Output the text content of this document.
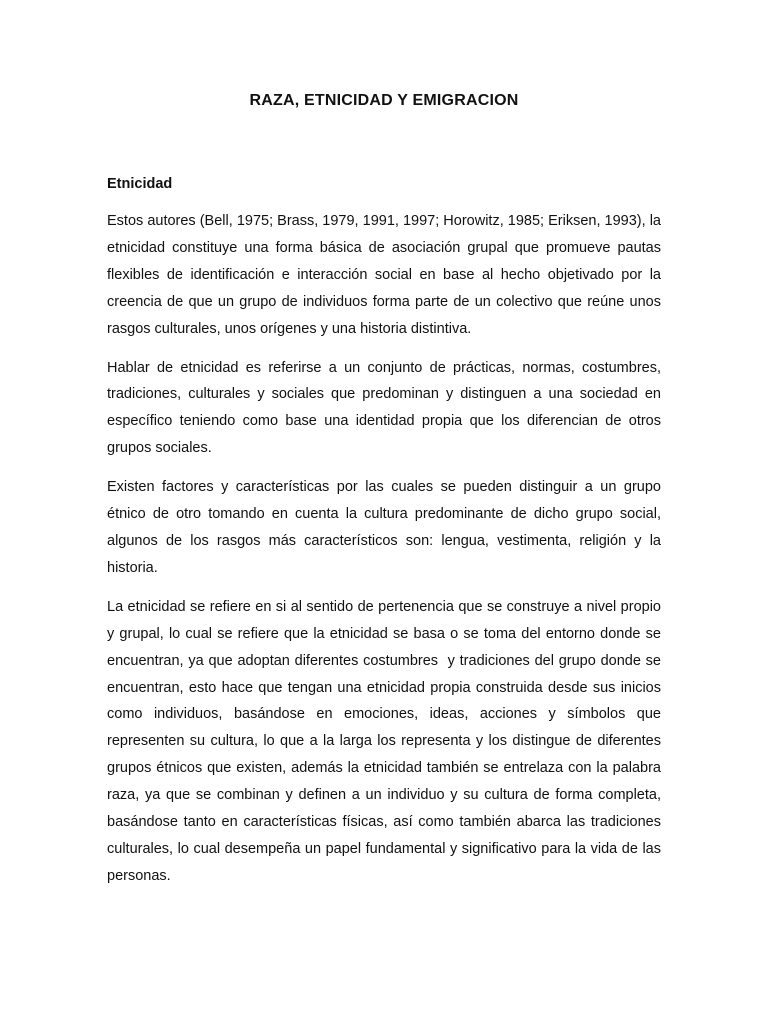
RAZA, ETNICIDAD Y EMIGRACION
Etnicidad

Estos autores (Bell, 1975; Brass, 1979, 1991, 1997; Horowitz, 1985; Eriksen, 1993), la etnicidad constituye una forma básica de asociación grupal que promueve pautas flexibles de identificación e interacción social en base al hecho objetivado por la creencia de que un grupo de individuos forma parte de un colectivo que reúne unos rasgos culturales, unos orígenes y una historia distintiva.

Hablar de etnicidad es referirse a un conjunto de prácticas, normas, costumbres, tradiciones, culturales y sociales que predominan y distinguen a una sociedad en específico teniendo como base una identidad propia que los diferencian de otros grupos sociales.

Existen factores y características por las cuales se pueden distinguir a un grupo étnico de otro tomando en cuenta la cultura predominante de dicho grupo social, algunos de los rasgos más característicos son: lengua, vestimenta, religión y la historia.

La etnicidad se refiere en si al sentido de pertenencia que se construye a nivel propio y grupal, lo cual se refiere que la etnicidad se basa o se toma del entorno donde se encuentran, ya que adoptan diferentes costumbres  y tradiciones del grupo donde se encuentran, esto hace que tengan una etnicidad propia construida desde sus inicios como individuos, basándose en emociones, ideas, acciones y símbolos que representen su cultura, lo que a la larga los representa y los distingue de diferentes grupos étnicos que existen, además la etnicidad también se entrelaza con la palabra raza, ya que se combinan y definen a un individuo y su cultura de forma completa, basándose tanto en características físicas, así como también abarca las tradiciones culturales, lo cual desempeña un papel fundamental y significativo para la vida de las personas.
